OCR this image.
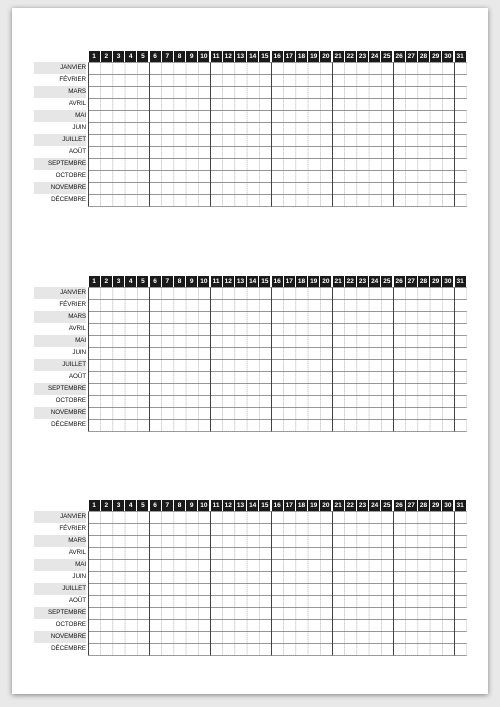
1	2	3	4	5	6	7	8	9	10 11 12 13 14 15 16 17 18 19 20 21 22 23 24 25 26 27 28 29 30 31
JANVIER
FÉVRIER
MARS
AVRIL
MAI
JUIN
JUILLET
AOÛT
SEPTEMBRE
OCTOBRE
NOVEMBRE
DÉCEMBRE
1	2	3	4	5	6	7	8	9	10 11 12 13 14 15 16 17 18 19 20 21 22 23 24 25 26 27 28 29 30 31
JANVIER
FÉVRIER
MARS
AVRIL
MAI
JUIN
JUILLET
AOÛT
SEPTEMBRE
OCTOBRE
NOVEMBRE
DÉCEMBRE
1	2	3	4	5	6	7	8	9	10 11 12 13 14 15 16 17 18 19 20 21 22 23 24 25 26 27 28 29 30 31
JANVIER
FÉVRIER
MARS
AVRIL
MAI
JUIN
JUILLET
AOÛT
SEPTEMBRE
OCTOBRE
NOVEMBRE
DÉCEMBRE
